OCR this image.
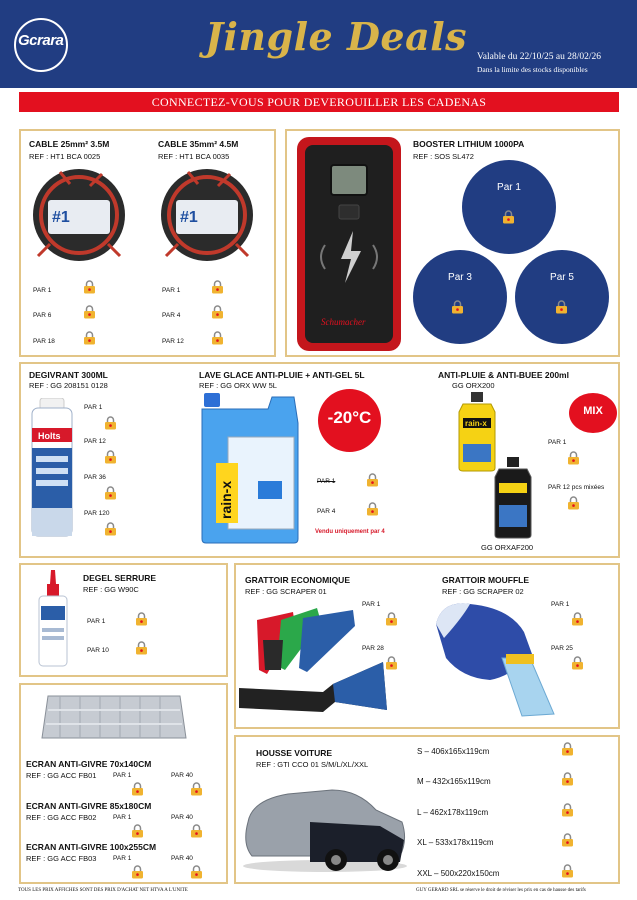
Gcrara	Jingle Deals Valable du 22/10/25 au 28/02/26
Dans la limite des stocks disponibles
CONNECTEZ-VOUS POUR DEVEROUILLER LES CADENAS
CABLE 25mm² 3.5M
REF : HT1 BCA 0025
#1
PAR 1
PAR 6
PAR 18
CABLE 35mm² 4.5M
REF : HT1 BCA 0035
#1
PAR 1
PAR 4
PAR 12
Schumacher
BOOSTER LITHIUM 1000PA
REF : SOS SL472
Par 1
Par 3	Par 5
DEGIVRANT 300ML
REF : GG 208151 0128
Holts
PAR 1
PAR 12
PAR 36
PAR 120
LAVE GLACE ANTI-PLUIE + ANTI-GEL 5L
REF : GG ORX WW 5L
rain-x
-20°C
PAR 1
PAR 4
Vendu uniquement par 4
ANTI-PLUIE & ANTI-BUEE 200ml
GG ORX200
rain-x
MIX
PAR 1
PAR 12 pcs mixées
GG ORXAF200
DEGEL SERRURE
REF : GG W90C
PAR 1
PAR 10
GRATTOIR ECONOMIQUE
REF : GG SCRAPER 01
PAR 1
PAR 28
GRATTOIR MOUFFLE
REF : GG SCRAPER 02
PAR 1
PAR 25
ECRAN ANTI-GIVRE 70x140CM
REF : GG ACC FB01	PAR 1	PAR 40
ECRAN ANTI-GIVRE 85x180CM
REF : GG ACC FB02	PAR 1	PAR 40
ECRAN ANTI-GIVRE 100x255CM
REF : GG ACC FB03	PAR 1	PAR 40
HOUSSE VOITURE
REF : GTI CCO 01 S/M/L/XL/XXL
S – 406x165x119cm
M – 432x165x119cm
L – 462x178x119cm
XL – 533x178x119cm
XXL – 500x220x150cm
TOUS LES PRIX AFFICHES SONT DES PRIX D'ACHAT NET HTVA A L'UNITE	GUY GERARD SRL se réserve le droit de réviser les prix en cas de hausse des tarifs
